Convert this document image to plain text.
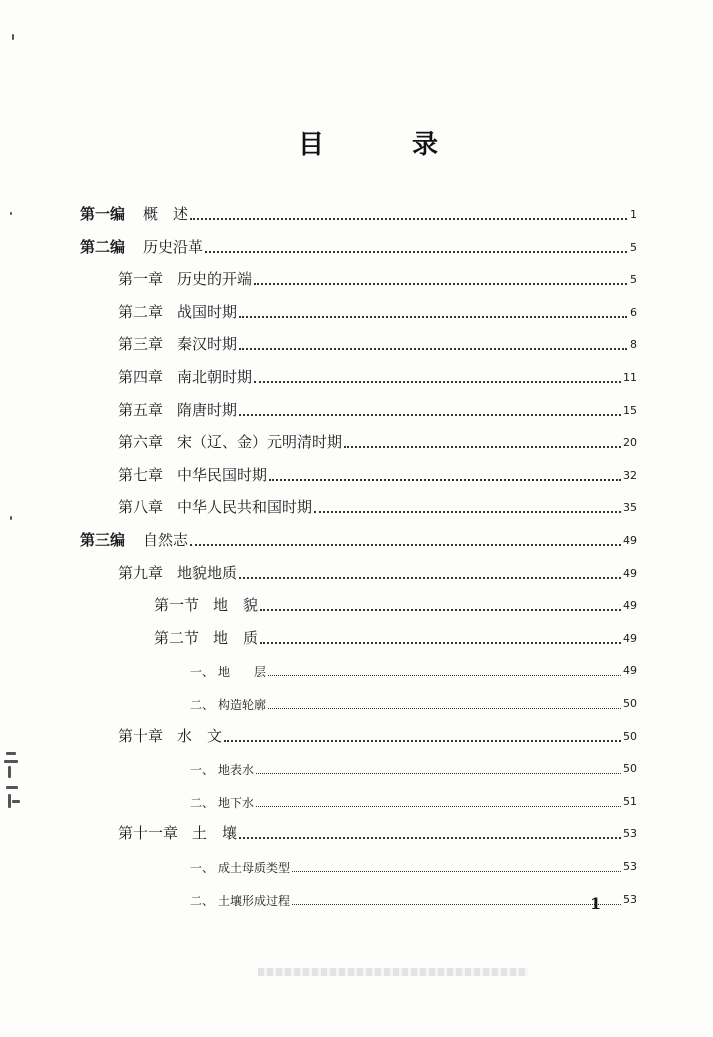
目	录
第一编 概　述	1
第二编 历史沿革	5
第一章 历史的开端	5
第二章 战国时期	6
第三章 秦汉时期	8
第四章 南北朝时期	11
第五章 隋唐时期	15
第六章 宋（辽、金）元明清时期	20
第七章 中华民国时期	32
第八章 中华人民共和国时期	35
第三编 自然志	49
第九章 地貌地质	49
第一节 地　貌	49
第二节 地　质	49
一、 地　　层	49
二、 构造轮廓	50
第十章 水　文	50
一、 地表水	50
二、 地下水	51
第十一章 土　壤	53
一、 成土母质类型	53
二、 土壤形成过程	53
1
